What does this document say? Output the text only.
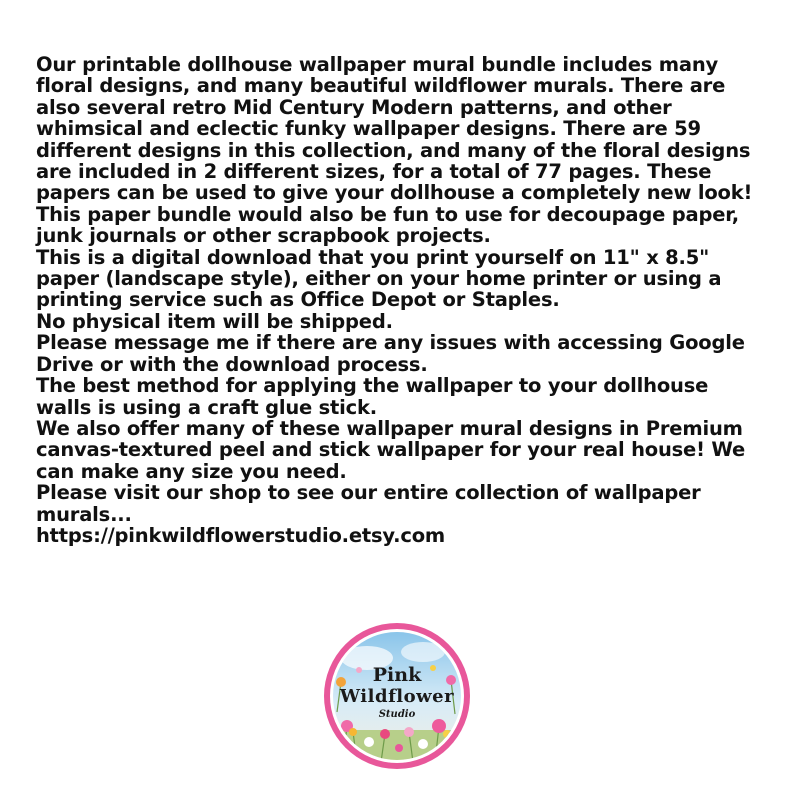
Our printable dollhouse wallpaper mural bundle includes many floral designs, and many beautiful wildflower murals. There are also several retro Mid Century Modern patterns, and other whimsical and eclectic funky wallpaper designs. There are 59 different designs in this collection, and many of the floral designs are included in 2 different sizes, for a total of 77 pages. These papers can be used to give your dollhouse a completely new look!

This paper bundle would also be fun to use for decoupage paper, junk journals or other scrapbook projects.

This is a digital download that you print yourself on 11" x 8.5" paper (landscape style), either on your home printer or using a printing service such as Office Depot or Staples.

No physical item will be shipped.

Please message me if there are any issues with accessing Google Drive or with the download process.

The best method for applying the wallpaper to your dollhouse walls is using a craft glue stick.

We also offer many of these wallpaper mural designs in Premium canvas-textured peel and stick wallpaper for your real house! We can make any size you need.

Please visit our shop to see our entire collection of wallpaper murals...

https://pinkwildflowerstudio.etsy.com

Pink
Wildflower
Studio
